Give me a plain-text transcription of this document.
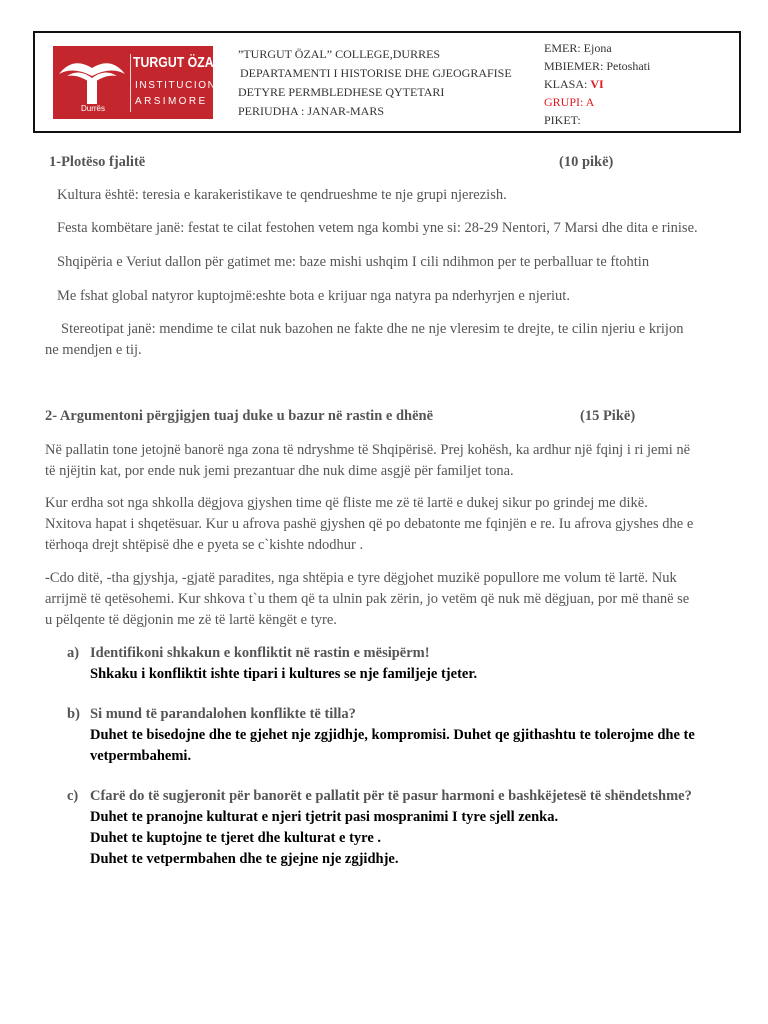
TURGUT ÖZAL
INSTITUCIONET
ARSIMORE
Durrës
”TURGUT ÖZAL” COLLEGE,DURRES
DEPARTAMENTI I HISTORISE DHE GJEOGRAFISE
DETYRE PERMBLEDHESE QYTETARI
PERIUDHA : JANAR-MARS
EMER: Ejona
MBIEMER: Petoshati
KLASA: VI
GRUPI: A
PIKET:
1-Plotëso fjalitë	(10 pikë)
Kultura është: teresia e karakeristikave te qendrueshme te nje grupi njerezish.
Festa kombëtare janë: festat te cilat festohen vetem nga kombi yne si: 28-29 Nentori, 7 Marsi dhe dita e rinise.
Shqipëria e Veriut dallon për gatimet me: baze mishi ushqim I cili ndihmon per te perballuar te ftohtin
Me fshat global natyror kuptojmë:eshte bota e krijuar nga natyra pa nderhyrjen e njeriut.
Stereotipat janë: mendime te cilat nuk bazohen ne fakte dhe ne nje vleresim te drejte, te cilin njeriu e krijon
ne mendjen e tij.
2- Argumentoni përgjigjen tuaj duke u bazur në rastin e dhënë	(15 Pikë)
Në pallatin tone jetojnë banorë nga zona të ndryshme të Shqipërisë. Prej kohësh, ka ardhur një fqinj i ri jemi në
të njëjtin kat, por ende nuk jemi prezantuar dhe nuk dime asgjë për familjet tona.
Kur erdha sot nga shkolla dëgjova gjyshen time që fliste me zë të lartë e dukej sikur po grindej me dikë.
Nxitova hapat i shqetësuar. Kur u afrova pashë gjyshen që po debatonte me fqinjën e re. Iu afrova gjyshes dhe e
tërhoqa drejt shtëpisë dhe e pyeta se c`kishte ndodhur .
-Cdo ditë, -tha gjyshja, -gjatë paradites, nga shtëpia e tyre dëgjohet muzikë popullore me volum të lartë. Nuk
arrijmë të qetësohemi. Kur shkova t`u them që ta ulnin pak zërin, jo vetëm që nuk më dëgjuan, por më thanë se
u pëlqente të dëgjonin me zë të lartë këngët e tyre.
a) Identifikoni shkakun e konfliktit në rastin e mësipërm!
Shkaku i konfliktit ishte tipari i kultures se nje familjeje tjeter.
b) Si mund të parandalohen konflikte të tilla?
Duhet te bisedojne dhe te gjehet nje zgjidhje, kompromisi. Duhet qe gjithashtu te tolerojme dhe te
vetpermbahemi.
c) Cfarë do të sugjeronit për banorët e pallatit për të pasur harmoni e bashkëjetesë të shëndetshme?
Duhet te pranojne kulturat e njeri tjetrit pasi mospranimi I tyre sjell zenka.
Duhet te kuptojne te tjeret dhe kulturat e tyre .
Duhet te vetpermbahen dhe te gjejne nje zgjidhje.
